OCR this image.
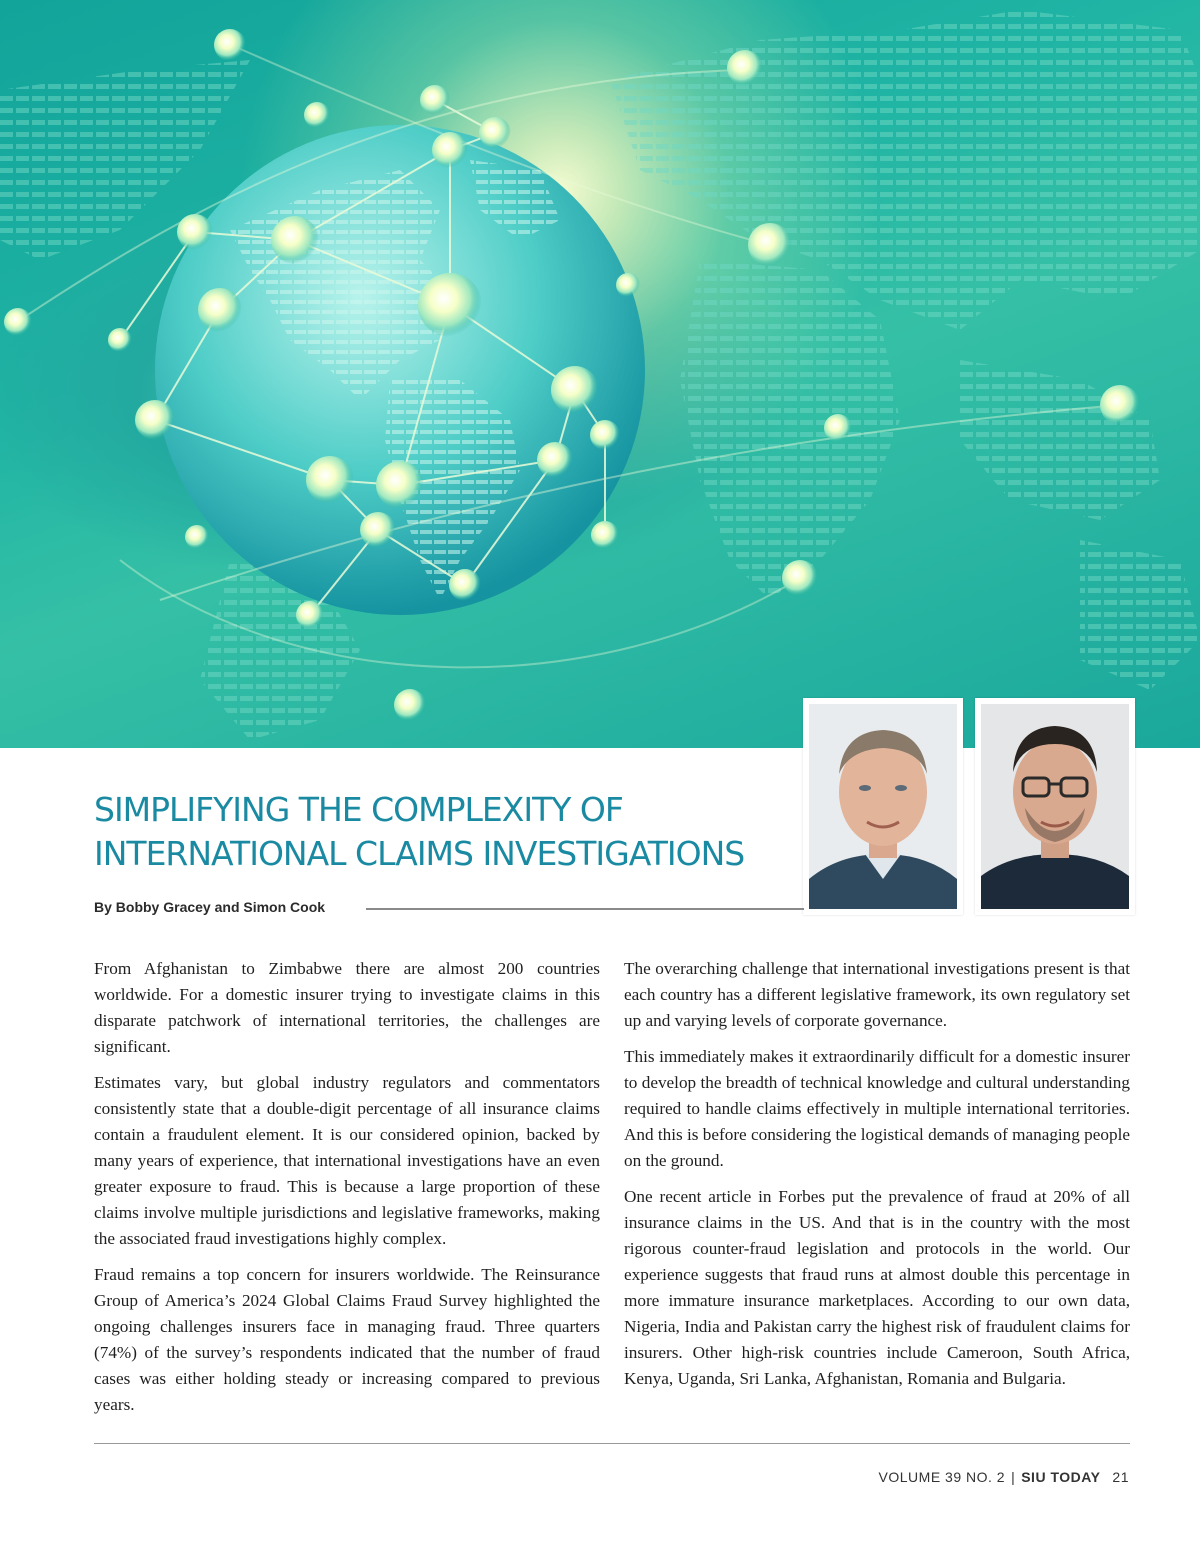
SIMPLIFYING THE COMPLEXITY OF
INTERNATIONAL CLAIMS INVESTIGATIONS
By Bobby Gracey and Simon Cook

From Afghanistan to Zimbabwe there are almost 200 countries worldwide. For a domestic insurer trying to investigate claims in this disparate patchwork of international territories, the challenges are significant.

Estimates vary, but global industry regulators and commentators consistently state that a double-digit percentage of all insurance claims contain a fraudulent element. It is our considered opinion, backed by many years of experience, that international investigations have an even greater exposure to fraud. This is because a large proportion of these claims involve multiple jurisdictions and legislative frameworks, making the associated fraud investigations highly complex.

Fraud remains a top concern for insurers worldwide. The Reinsurance Group of America’s 2024 Global Claims Fraud Survey highlighted the ongoing challenges insurers face in managing fraud. Three quarters (74%) of the survey’s respondents indicated that the number of fraud cases was either holding steady or increasing compared to previous years.

The overarching challenge that international investigations present is that each country has a different legislative framework, its own regulatory set up and varying levels of corporate governance.

This immediately makes it extraordinarily difficult for a domestic insurer to develop the breadth of technical knowledge and cultural understanding required to handle claims effectively in multiple international territories. And this is before considering the logistical demands of managing people on the ground.

One recent article in Forbes put the prevalence of fraud at 20% of all insurance claims in the US. And that is in the country with the most rigorous counter-fraud legislation and protocols in the world. Our experience suggests that fraud runs at almost double this percentage in more immature insurance marketplaces. According to our own data, Nigeria, India and Pakistan carry the highest risk of fraudulent claims for insurers. Other high-risk countries include Cameroon, South Africa, Kenya, Uganda, Sri Lanka, Afghanistan, Romania and Bulgaria.

VOLUME 39 NO. 2 | SIU TODAY 21
